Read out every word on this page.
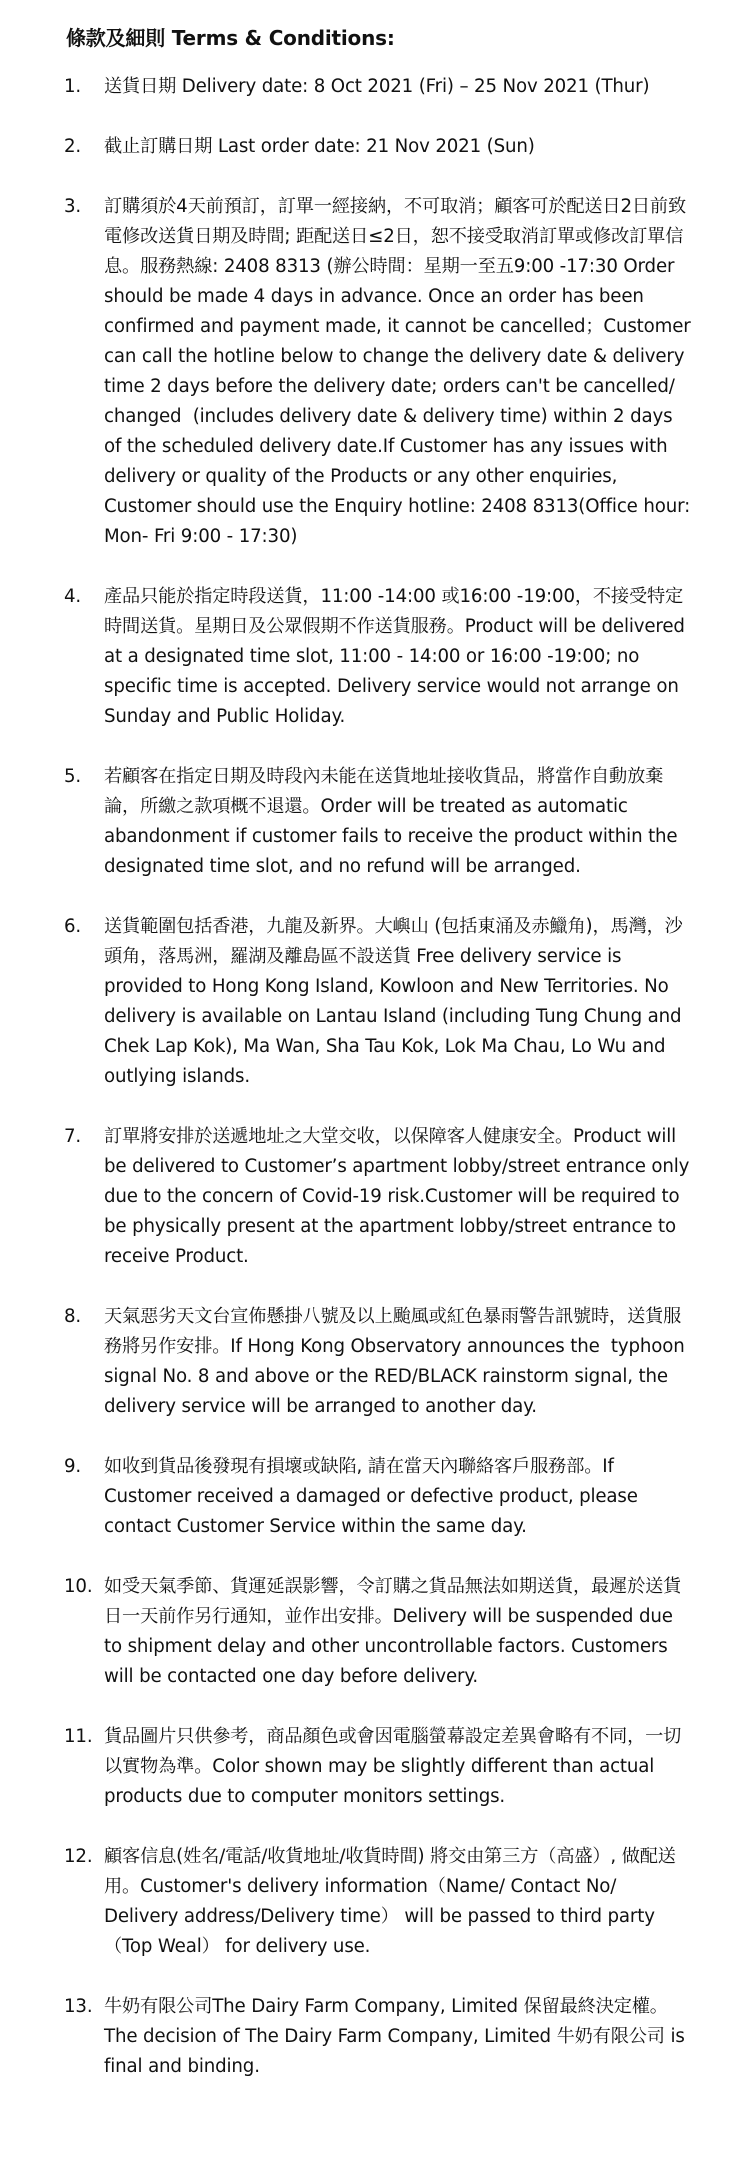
條款及細則 Terms & Conditions:
1.	送貨日期 Delivery date: 8 Oct 2021 (Fri) – 25 Nov 2021 (Thur)
2.	截止訂購日期 Last order date: 21 Nov 2021 (Sun)
3.	訂購須於4天前預訂，訂單一經接納，不可取消；顧客可於配送日2日前致電修改送貨日期及時間; 距配送日≤2日，恕不接受取消訂單或修改訂單信息。服務熱線: 2408 8313 (辦公時間：星期一至五9:00 -17:30 Order should be made 4 days in advance. Once an order has been confirmed and payment made, it cannot be cancelled；Customer can call the hotline below to change the delivery date & delivery time 2 days before the delivery date; orders can't be cancelled/ changed  (includes delivery date & delivery time) within 2 days of the scheduled delivery date.If Customer has any issues with delivery or quality of the Products or any other enquiries, Customer should use the Enquiry hotline: 2408 8313(Office hour: Mon- Fri 9:00 - 17:30)
4.	產品只能於指定時段送貨，11:00 -14:00 或16:00 -19:00，不接受特定時間送貨。星期日及公眾假期不作送貨服務。Product will be delivered at a designated time slot, 11:00 - 14:00 or 16:00 -19:00; no specific time is accepted. Delivery service would not arrange on Sunday and Public Holiday.
5.	若顧客在指定日期及時段內未能在送貨地址接收貨品，將當作自動放棄論，所繳之款項概不退還。Order will be treated as automatic abandonment if customer fails to receive the product within the designated time slot, and no refund will be arranged.
6.	送貨範圍包括香港，九龍及新界。大嶼山 (包括東涌及赤鱲角)，馬灣，沙頭角，落馬洲，羅湖及離島區不設送貨 Free delivery service is provided to Hong Kong Island, Kowloon and New Territories. No delivery is available on Lantau Island (including Tung Chung and Chek Lap Kok), Ma Wan, Sha Tau Kok, Lok Ma Chau, Lo Wu and outlying islands.
7.	訂單將安排於送遞地址之大堂交收，以保障客人健康安全。Product will be delivered to Customer’s apartment lobby/street entrance only due to the concern of Covid-19 risk.Customer will be required to be physically present at the apartment lobby/street entrance to receive Product.
8.	天氣惡劣天文台宣佈懸掛八號及以上颱風或紅色暴雨警告訊號時，送貨服務將另作安排。If Hong Kong Observatory announces the  typhoon signal No. 8 and above or the RED/BLACK rainstorm signal, the delivery service will be arranged to another day.
9.	如收到貨品後發現有損壞或缺陷, 請在當天內聯絡客戶服務部。If Customer received a damaged or defective product, please contact Customer Service within the same day.
10. 如受天氣季節、貨運延誤影響，令訂購之貨品無法如期送貨，最遲於送貨日一天前作另行通知，並作出安排。Delivery will be suspended due to shipment delay and other uncontrollable factors. Customers will be contacted one day before delivery.
11. 貨品圖片只供參考，商品顏色或會因電腦螢幕設定差異會略有不同，一切以實物為準。Color shown may be slightly different than actual products due to computer monitors settings.
12. 顧客信息(姓名/電話/收貨地址/收貨時間) 將交由第三方（高盛）, 做配送用。Customer's delivery information（Name/ Contact No/ Delivery address/Delivery time） will be passed to third party（Top Weal） for delivery use.
13. 牛奶有限公司The Dairy Farm Company, Limited 保留最終決定權。The decision of The Dairy Farm Company, Limited 牛奶有限公司 is final and binding.
